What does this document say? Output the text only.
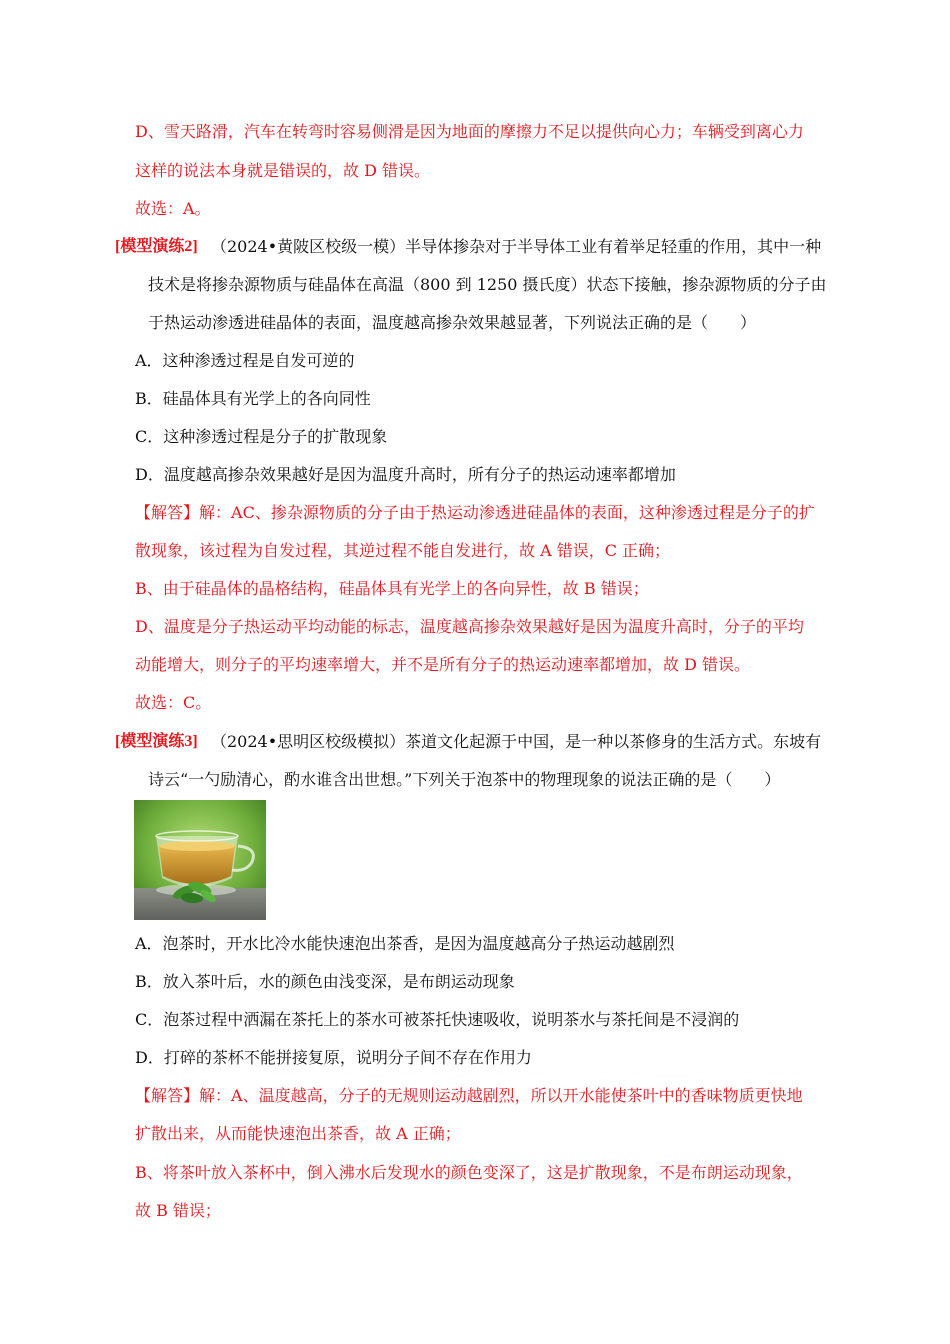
D、雪天路滑，汽车在转弯时容易侧滑是因为地面的摩擦力不足以提供向心力；车辆受到离心力
这样的说法本身就是错误的，故 D 错误。
故选：A。
[模型演练2] （2024•黄陂区校级一模）半导体掺杂对于半导体工业有着举足轻重的作用，其中一种
技术是将掺杂源物质与硅晶体在高温（800 到 1250 摄氏度）状态下接触，掺杂源物质的分子由
于热运动渗透进硅晶体的表面，温度越高掺杂效果越显著，下列说法正确的是（　　）
A．这种渗透过程是自发可逆的
B．硅晶体具有光学上的各向同性
C．这种渗透过程是分子的扩散现象
D．温度越高掺杂效果越好是因为温度升高时，所有分子的热运动速率都增加
【解答】解：AC、掺杂源物质的分子由于热运动渗透进硅晶体的表面，这种渗透过程是分子的扩
散现象，该过程为自发过程，其逆过程不能自发进行，故 A 错误，C 正确；
B、由于硅晶体的晶格结构，硅晶体具有光学上的各向异性，故 B 错误；
D、温度是分子热运动平均动能的标志，温度越高掺杂效果越好是因为温度升高时，分子的平均
动能增大，则分子的平均速率增大，并不是所有分子的热运动速率都增加，故 D 错误。
故选：C。
[模型演练3] （2024•思明区校级模拟）茶道文化起源于中国，是一种以茶修身的生活方式。东坡有
诗云“一勺励清心，酌水谁含出世想。”下列关于泡茶中的物理现象的说法正确的是（　　）
A．泡茶时，开水比冷水能快速泡出茶香，是因为温度越高分子热运动越剧烈
B．放入茶叶后，水的颜色由浅变深，是布朗运动现象
C．泡茶过程中洒漏在茶托上的茶水可被茶托快速吸收，说明茶水与茶托间是不浸润的
D．打碎的茶杯不能拼接复原，说明分子间不存在作用力
【解答】解：A、温度越高，分子的无规则运动越剧烈，所以开水能使茶叶中的香味物质更快地
扩散出来，从而能快速泡出茶香，故 A 正确；
B、将茶叶放入茶杯中，倒入沸水后发现水的颜色变深了，这是扩散现象，不是布朗运动现象，
故 B 错误；
